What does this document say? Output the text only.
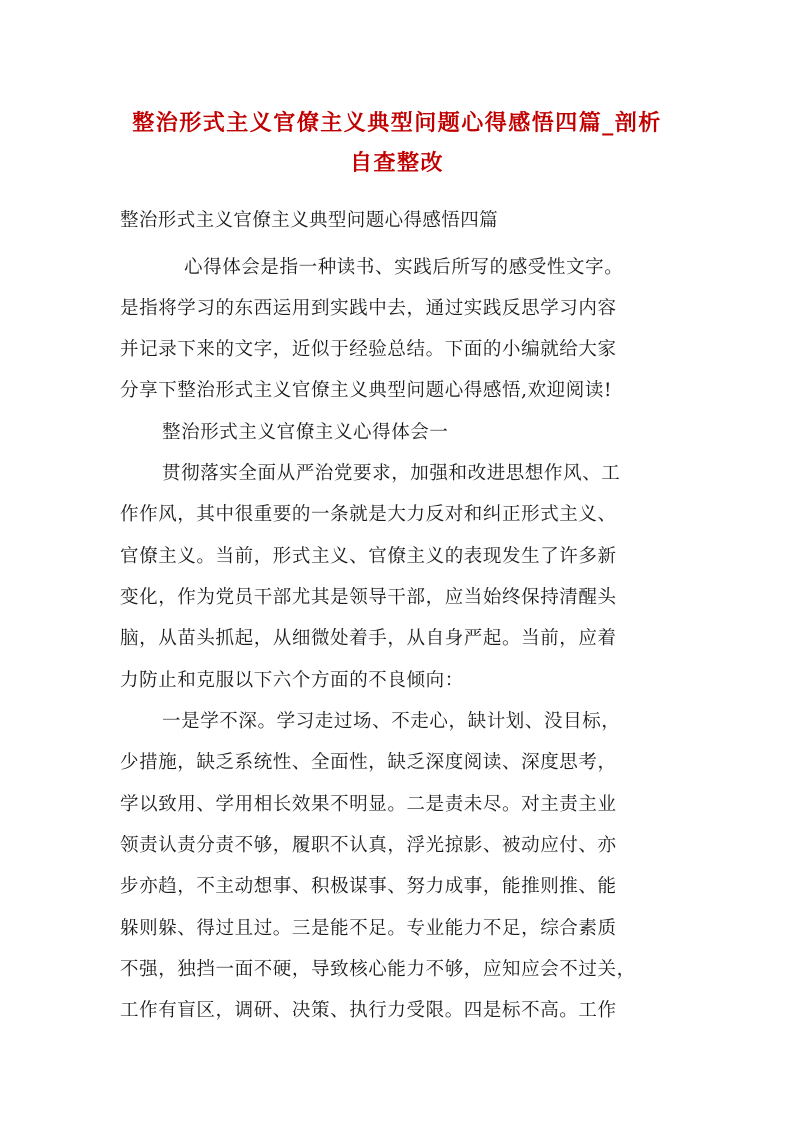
整治形式主义官僚主义典型问题心得感悟四篇_剖析
自查整改
整治形式主义官僚主义典型问题心得感悟四篇
心得体会是指一种读书、实践后所写的感受性文字。
是指将学习的东西运用到实践中去，通过实践反思学习内容
并记录下来的文字，近似于经验总结。下面的小编就给大家
分享下整治形式主义官僚主义典型问题心得感悟,欢迎阅读!
整治形式主义官僚主义心得体会一
贯彻落实全面从严治党要求，加强和改进思想作风、工
作作风，其中很重要的一条就是大力反对和纠正形式主义、
官僚主义。当前，形式主义、官僚主义的表现发生了许多新
变化，作为党员干部尤其是领导干部，应当始终保持清醒头
脑，从苗头抓起，从细微处着手，从自身严起。当前，应着
力防止和克服以下六个方面的不良倾向：
一是学不深。学习走过场、不走心，缺计划、没目标，
少措施，缺乏系统性、全面性，缺乏深度阅读、深度思考，
学以致用、学用相长效果不明显。二是责未尽。对主责主业
领责认责分责不够，履职不认真，浮光掠影、被动应付、亦
步亦趋，不主动想事、积极谋事、努力成事，能推则推、能
躲则躲、得过且过。三是能不足。专业能力不足，综合素质
不强，独挡一面不硬，导致核心能力不够，应知应会不过关，
工作有盲区，调研、决策、执行力受限。四是标不高。工作
